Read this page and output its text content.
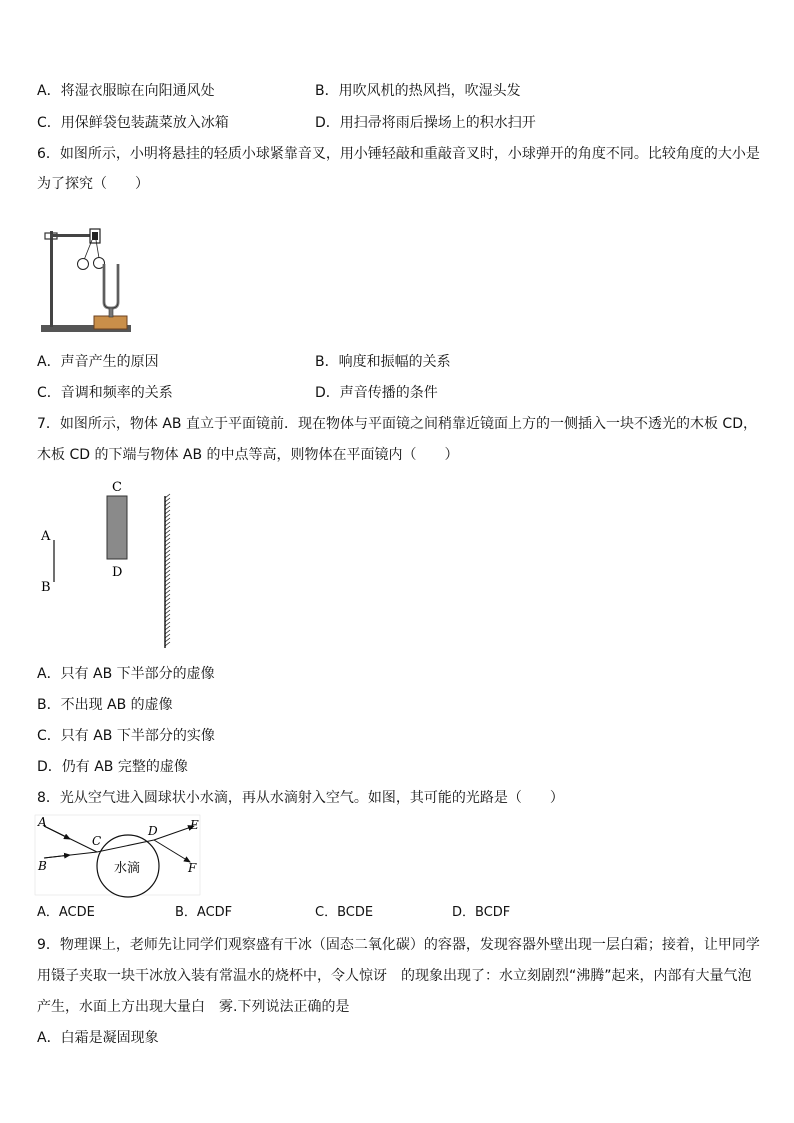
A．将湿衣服晾在向阳通风处	B．用吹风机的热风挡，吹湿头发
C．用保鲜袋包装蔬菜放入冰箱	D．用扫帚将雨后操场上的积水扫开
6．如图所示，小明将悬挂的轻质小球紧靠音叉，用小锤轻敲和重敲音叉时，小球弹开的角度不同。比较角度的大小是
为了探究（　　）
A．声音产生的原因	B．响度和振幅的关系
C．音调和频率的关系	D．声音传播的条件
7．如图所示，物体 AB 直立于平面镜前．现在物体与平面镜之间稍靠近镜面上方的一侧插入一块不透光的木板 CD，
木板 CD 的下端与物体 AB 的中点等高，则物体在平面镜内（　　）
A
B
C
D
A．只有 AB 下半部分的虚像
B．不出现 AB 的虚像
C．只有 AB 下半部分的实像
D．仍有 AB 完整的虚像
8．光从空气进入圆球状小水滴，再从水滴射入空气。如图，其可能的光路是（　　）
水滴
A
B
C
D	E
F
A．ACDE	B．ACDF	C．BCDE	D．BCDF
9．物理课上，老师先让同学们观察盛有干冰（固态二氧化碳）的容器，发现容器外壁出现一层白霜；接着，让甲同学
用镊子夹取一块干冰放入装有常温水的烧杯中，令人惊讶　的现象出现了：水立刻剧烈“沸腾”起来，内部有大量气泡
产生，水面上方出现大量白　雾.下列说法正确的是
A．白霜是凝固现象
